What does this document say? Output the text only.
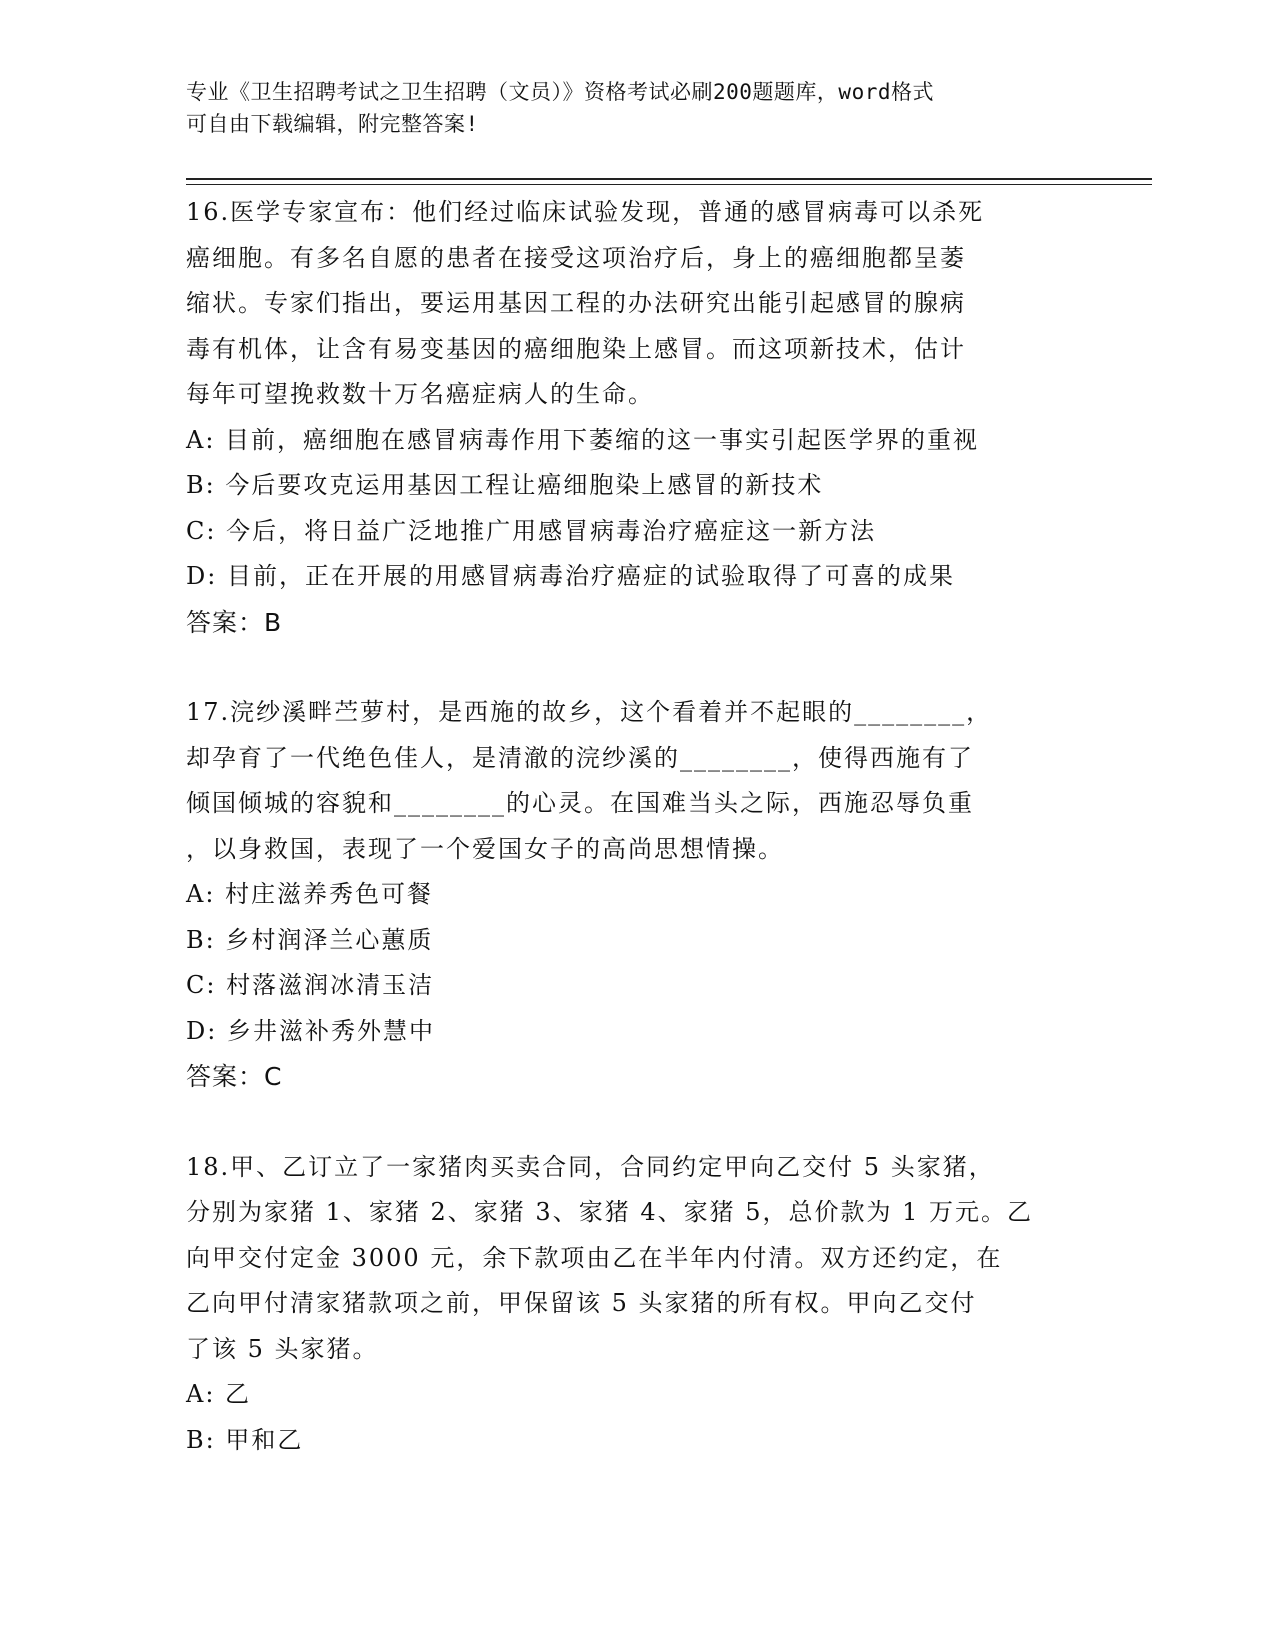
专业《卫生招聘考试之卫生招聘（文员）》资格考试必刷200题题库，word格式
可自由下载编辑，附完整答案!
16.医学专家宣布：他们经过临床试验发现，普通的感冒病毒可以杀死
癌细胞。有多名自愿的患者在接受这项治疗后，身上的癌细胞都呈萎
缩状。专家们指出，要运用基因工程的办法研究出能引起感冒的腺病
毒有机体，让含有易变基因的癌细胞染上感冒。而这项新技术，估计
每年可望挽救数十万名癌症病人的生命。
A: 目前，癌细胞在感冒病毒作用下萎缩的这一事实引起医学界的重视
B: 今后要攻克运用基因工程让癌细胞染上感冒的新技术
C: 今后，将日益广泛地推广用感冒病毒治疗癌症这一新方法
D: 目前，正在开展的用感冒病毒治疗癌症的试验取得了可喜的成果
答案：B
17.浣纱溪畔苎萝村，是西施的故乡，这个看着并不起眼的________，
却孕育了一代绝色佳人，是清澈的浣纱溪的________，使得西施有了
倾国倾城的容貌和________的心灵。在国难当头之际，西施忍辱负重
，以身救国，表现了一个爱国女子的高尚思想情操。
A: 村庄滋养秀色可餐
B: 乡村润泽兰心蕙质
C: 村落滋润冰清玉洁
D: 乡井滋补秀外慧中
答案：C
18.甲、乙订立了一家猪肉买卖合同，合同约定甲向乙交付 5 头家猪，
分别为家猪 1、家猪 2、家猪 3、家猪 4、家猪 5，总价款为 1 万元。乙
向甲交付定金 3000 元，余下款项由乙在半年内付清。双方还约定，在
乙向甲付清家猪款项之前，甲保留该 5 头家猪的所有权。甲向乙交付
了该 5 头家猪。
A: 乙
B: 甲和乙
